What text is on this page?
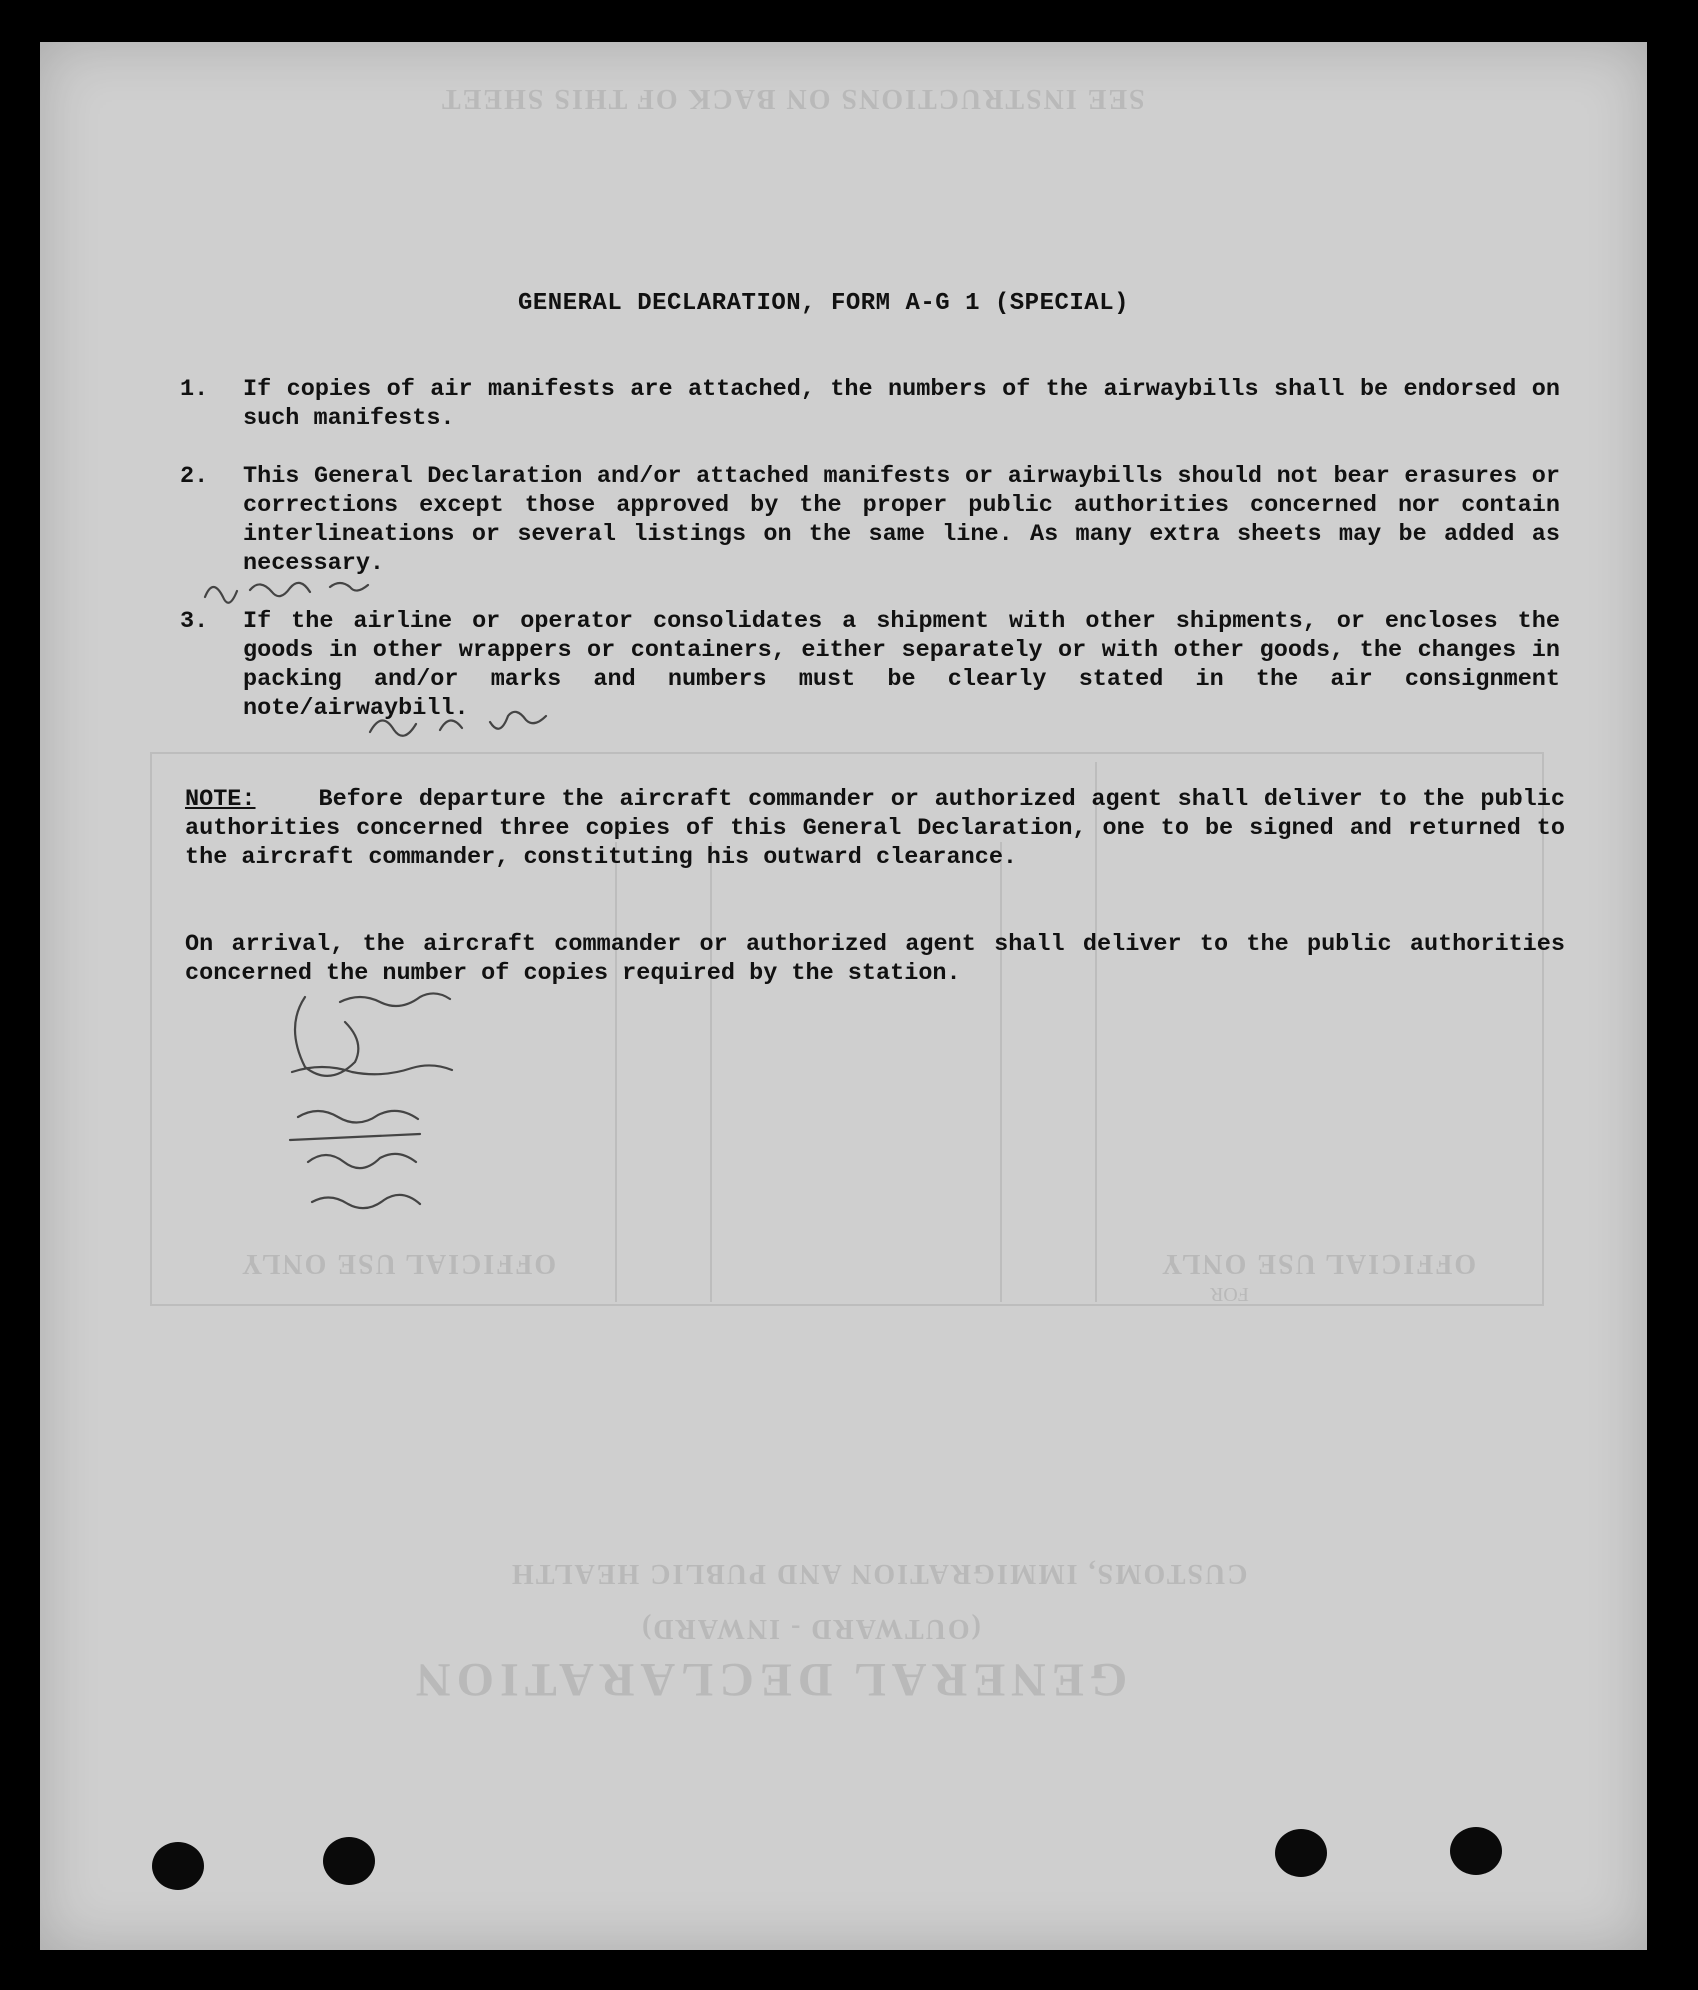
SEE INSTRUCTIONS ON BACK OF THIS SHEET
GENERAL DECLARATION
(OUTWARD - INWARD)
CUSTOMS, IMMIGRATION AND PUBLIC HEALTH
OFFICIAL USE ONLY
FOR
OFFICIAL USE ONLY
GENERAL DECLARATION, FORM A-G 1 (SPECIAL)
1.	If copies of air manifests are attached, the numbers of the airwaybills shall be endorsed on such manifests.
2.	This General Declaration and/or attached manifests or airwaybills should not bear erasures or corrections except those approved by the proper public authorities concerned nor contain interlineations or several listings on the same line. As many extra sheets may be added as necessary.
3.	If the airline or operator consolidates a shipment with other shipments, or encloses the goods in other wrappers or containers, either separately or with other goods, the changes in packing and/or marks and numbers must be clearly stated in the air consignment note/airwaybill.
NOTE:	Before departure the aircraft commander or authorized agent shall deliver to the public authorities concerned three copies of this General Declaration, one to be signed and returned to the aircraft commander, constituting his outward clearance.
On arrival, the aircraft commander or authorized agent shall deliver to the public authorities concerned the number of copies required by the station.
